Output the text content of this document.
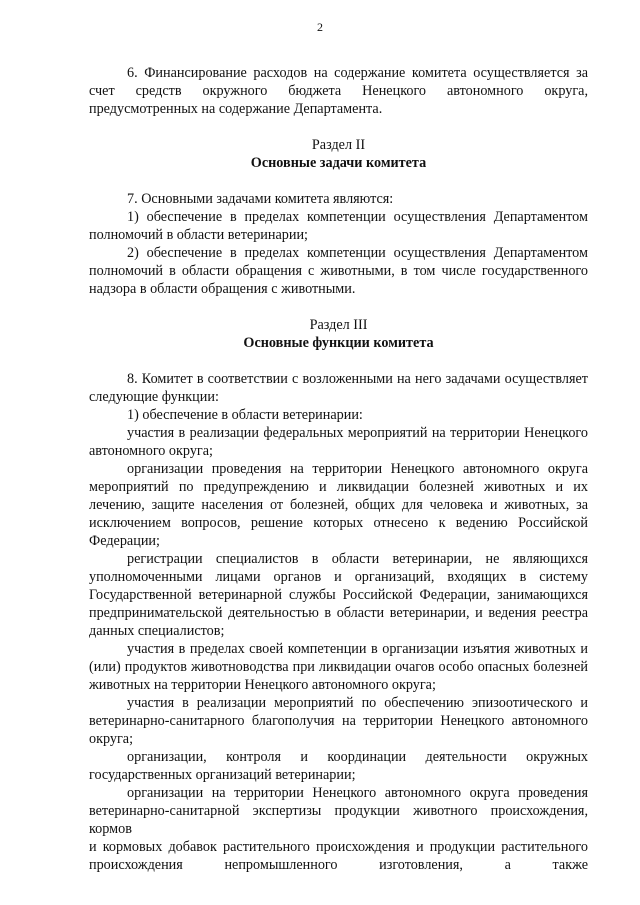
2

6. Финансирование расходов на содержание комитета осуществляется за счет средств окружного бюджета Ненецкого автономного округа, предусмотренных на содержание Департамента.

Раздел II
Основные задачи комитета

7. Основными задачами комитета являются:

1) обеспечение в пределах компетенции осуществления Департаментом полномочий в области ветеринарии;

2) обеспечение в пределах компетенции осуществления Департаментом полномочий в области обращения с животными, в том числе государственного надзора в области обращения с животными.

Раздел III
Основные функции комитета

8. Комитет в соответствии с возложенными на него задачами осуществляет следующие функции:

1) обеспечение в области ветеринарии:

участия в реализации федеральных мероприятий на территории Ненецкого автономного округа;

организации проведения на территории Ненецкого автономного округа мероприятий по предупреждению и ликвидации болезней животных и их лечению, защите населения от болезней, общих для человека и животных, за исключением вопросов, решение которых отнесено к ведению Российской Федерации;

регистрации специалистов в области ветеринарии, не являющихся уполномоченными лицами органов и организаций, входящих в систему Государственной ветеринарной службы Российской Федерации, занимающихся предпринимательской деятельностью в области ветеринарии, и ведения реестра данных специалистов;

участия в пределах своей компетенции в организации изъятия животных и (или) продуктов животноводства при ликвидации очагов особо опасных болезней животных на территории Ненецкого автономного округа;

участия в реализации мероприятий по обеспечению эпизоотического и ветеринарно-санитарного благополучия на территории Ненецкого автономного округа;

организации, контроля и координации деятельности окружных государственных организаций ветеринарии;

организации на территории Ненецкого автономного округа проведения ветеринарно-санитарной экспертизы продукции животного происхождения, кормов

и кормовых добавок растительного происхождения и продукции растительного происхождения непромышленного изготовления, а также
